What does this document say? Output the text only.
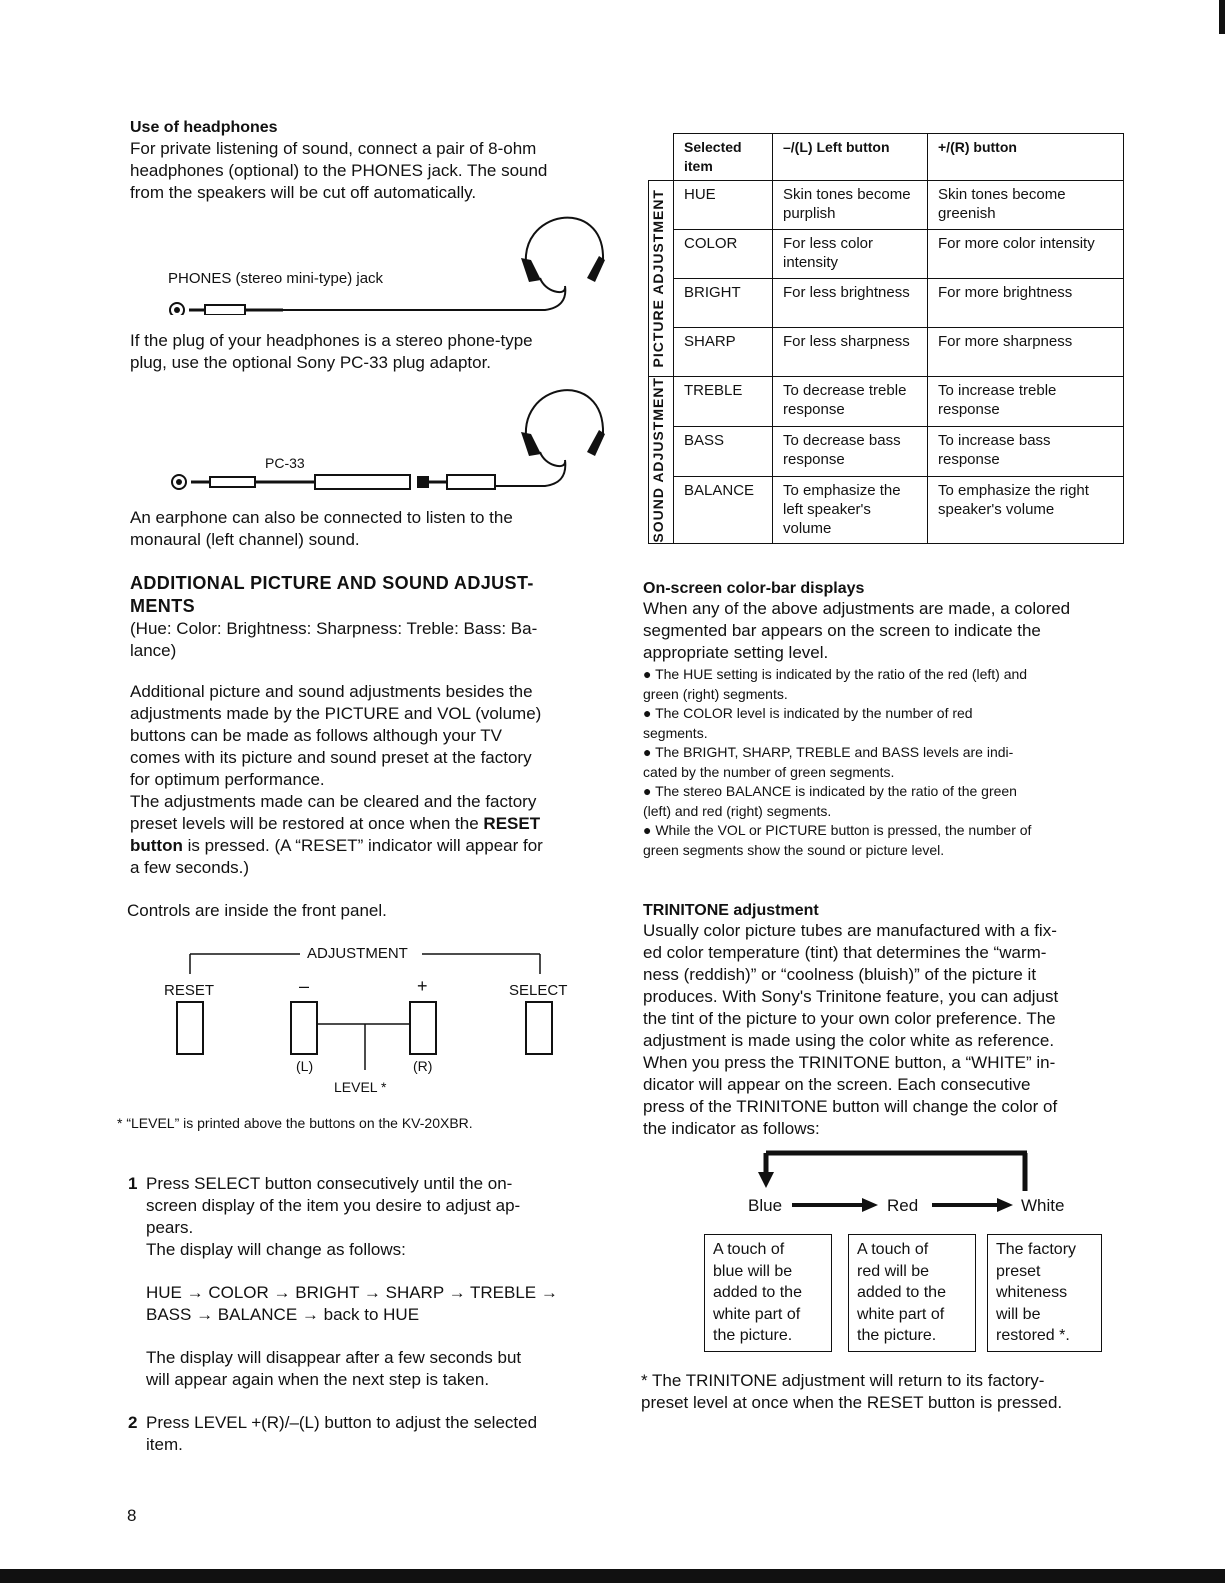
Use of headphones
For private listening of sound, connect a pair of 8-ohm
headphones (optional) to the PHONES jack. The sound
from the speakers will be cut off automatically.
PHONES (stereo mini-type) jack
If the plug of your headphones is a stereo phone-type
plug, use the optional Sony PC-33 plug adaptor.
PC-33
An earphone can also be connected to listen to the
monaural (left channel) sound.
ADDITIONAL PICTURE AND SOUND ADJUST-
MENTS
(Hue: Color: Brightness: Sharpness: Treble: Bass: Ba-
lance)
Additional picture and sound adjustments besides the
adjustments made by the PICTURE and VOL (volume)
buttons can be made as follows although your TV
comes with its picture and sound preset at the factory
for optimum performance.
The adjustments made can be cleared and the factory
preset levels will be restored at once when the RESET
button is pressed. (A “RESET” indicator will appear for
a few seconds.)
Controls are inside the front panel.
ADJUSTMENT
RESET	–	+	SELECT
(L)	(R)
LEVEL *
* “LEVEL” is printed above the buttons on the KV-20XBR.
1 Press SELECT button consecutively until the on-
screen display of the item you desire to adjust ap-
pears.
The display will change as follows:
HUE → COLOR → BRIGHT → SHARP → TREBLE →
BASS → BALANCE → back to HUE
The display will disappear after a few seconds but
will appear again when the next step is taken.
2 Press LEVEL +(R)/–(L) button to adjust the selected
item.
8
	Selected item	–/(L) Left button	+/(R) button

PICTURE ADJUSTMENT	HUE	Skin tones become purplish	Skin tones become greenish
	COLOR	For less color intensity	For more color intensity
	BRIGHT	For less brightness	For more brightness
	SHARP	For less sharpness	For more sharpness

SOUND ADJUSTMENT	TREBLE	To decrease treble response	To increase treble response
	BASS	To decrease bass response	To increase bass response
	BALANCE	To emphasize the left speaker's volume	To emphasize the right speaker's volume
On-screen color-bar displays
When any of the above adjustments are made, a colored
segmented bar appears on the screen to indicate the
appropriate setting level.
● The HUE setting is indicated by the ratio of the red (left) and
green (right) segments.
● The COLOR level is indicated by the number of red
segments.
● The BRIGHT, SHARP, TREBLE and BASS levels are indi-
cated by the number of green segments.
● The stereo BALANCE is indicated by the ratio of the green
(left) and red (right) segments.
● While the VOL or PICTURE button is pressed, the number of
green segments show the sound or picture level.
TRINITONE adjustment
Usually color picture tubes are manufactured with a fix-
ed color temperature (tint) that determines the “warm-
ness (reddish)” or “coolness (bluish)” of the picture it
produces. With Sony's Trinitone feature, you can adjust
the tint of the picture to your own color preference. The
adjustment is made using the color white as reference.
When you press the TRINITONE button, a “WHITE” in-
dicator will appear on the screen. Each consecutive
press of the TRINITONE button will change the color of
the indicator as follows:
Blue	Red	White
A touch of
blue will be
added to the
white part of
the picture.
A touch of
red will be
added to the
white part of
the picture.
The factory
preset
whiteness
will be
restored *.
* The TRINITONE adjustment will return to its factory-
preset level at once when the RESET button is pressed.
